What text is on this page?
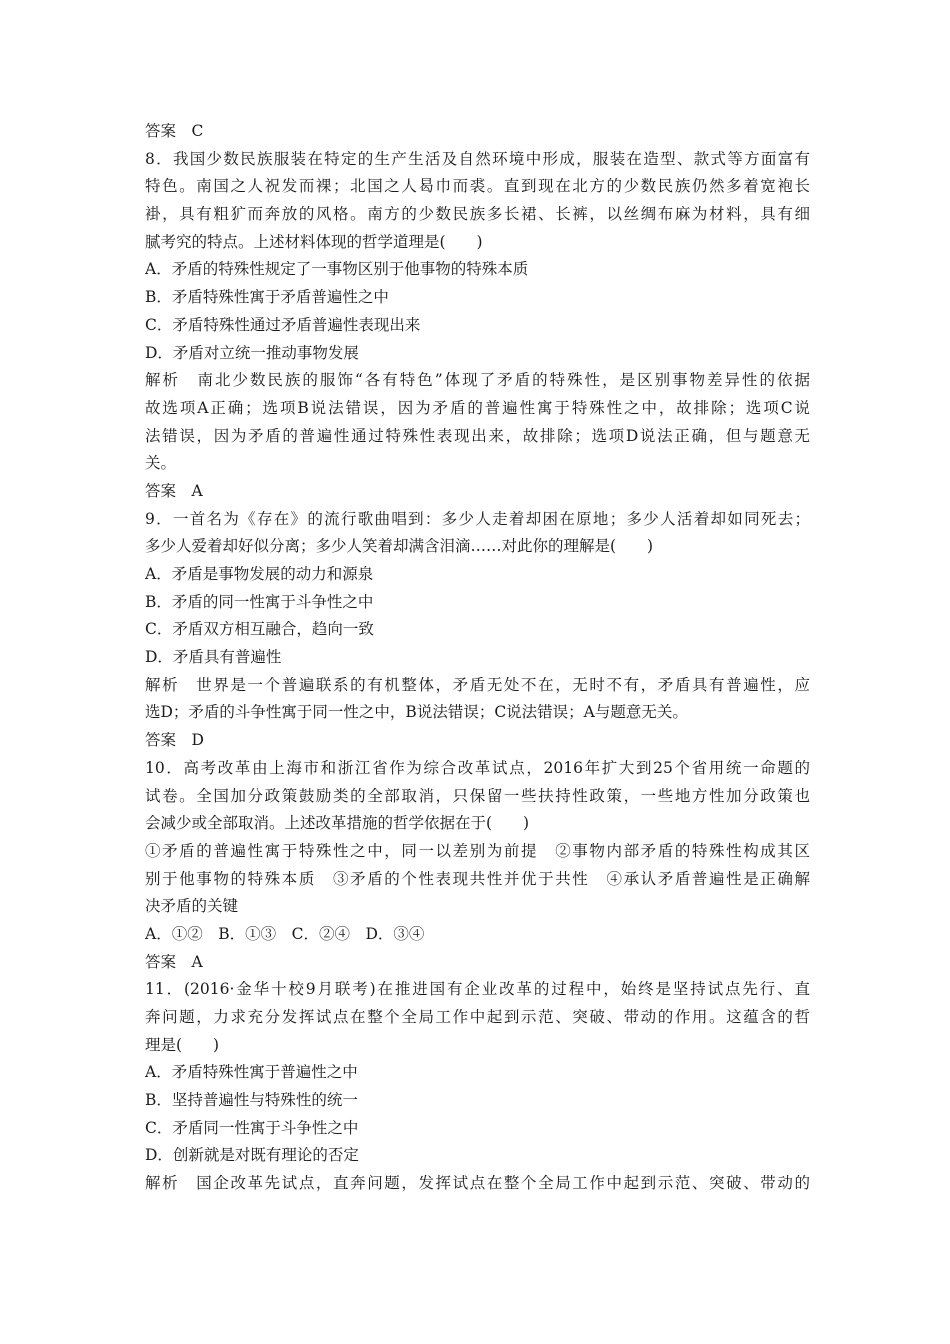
答案　C
8．我国少数民族服装在特定的生产生活及自然环境中形成，服装在造型、款式等方面富有
特色。南国之人祝发而裸；北国之人曷巾而裘。直到现在北方的少数民族仍然多着宽袍长
褂，具有粗犷而奔放的风格。南方的少数民族多长裙、长裤，以丝绸布麻为材料，具有细
腻考究的特点。上述材料体现的哲学道理是(　　)
A．矛盾的特殊性规定了一事物区别于他事物的特殊本质
B．矛盾特殊性寓于矛盾普遍性之中
C．矛盾特殊性通过矛盾普遍性表现出来
D．矛盾对立统一推动事物发展
解析　南北少数民族的服饰“各有特色”体现了矛盾的特殊性，是区别事物差异性的依据
故选项A正确；选项B说法错误，因为矛盾的普遍性寓于特殊性之中，故排除；选项C说
法错误，因为矛盾的普遍性通过特殊性表现出来，故排除；选项D说法正确，但与题意无
关。
答案　A
9．一首名为《存在》的流行歌曲唱到：多少人走着却困在原地；多少人活着却如同死去；
多少人爱着却好似分离；多少人笑着却满含泪滴……对此你的理解是(　　)
A．矛盾是事物发展的动力和源泉
B．矛盾的同一性寓于斗争性之中
C．矛盾双方相互融合，趋向一致
D．矛盾具有普遍性
解析　世界是一个普遍联系的有机整体，矛盾无处不在，无时不有，矛盾具有普遍性，应
选D；矛盾的斗争性寓于同一性之中，B说法错误；C说法错误；A与题意无关。
答案　D
10．高考改革由上海市和浙江省作为综合改革试点，2016年扩大到25个省用统一命题的
试卷。全国加分政策鼓励类的全部取消，只保留一些扶持性政策，一些地方性加分政策也
会减少或全部取消。上述改革措施的哲学依据在于(　　)
①矛盾的普遍性寓于特殊性之中，同一以差别为前提　②事物内部矛盾的特殊性构成其区
别于他事物的特殊本质　③矛盾的个性表现共性并优于共性　④承认矛盾普遍性是正确解
决矛盾的关键
A．①②　B．①③　C．②④　D．③④
答案　A
11．(2016·金华十校9月联考)在推进国有企业改革的过程中，始终是坚持试点先行、直
奔问题，力求充分发挥试点在整个全局工作中起到示范、突破、带动的作用。这蕴含的哲
理是(　　)
A．矛盾特殊性寓于普遍性之中
B．坚持普遍性与特殊性的统一
C．矛盾同一性寓于斗争性之中
D．创新就是对既有理论的否定
解析　国企改革先试点，直奔问题，发挥试点在整个全局工作中起到示范、突破、带动的
